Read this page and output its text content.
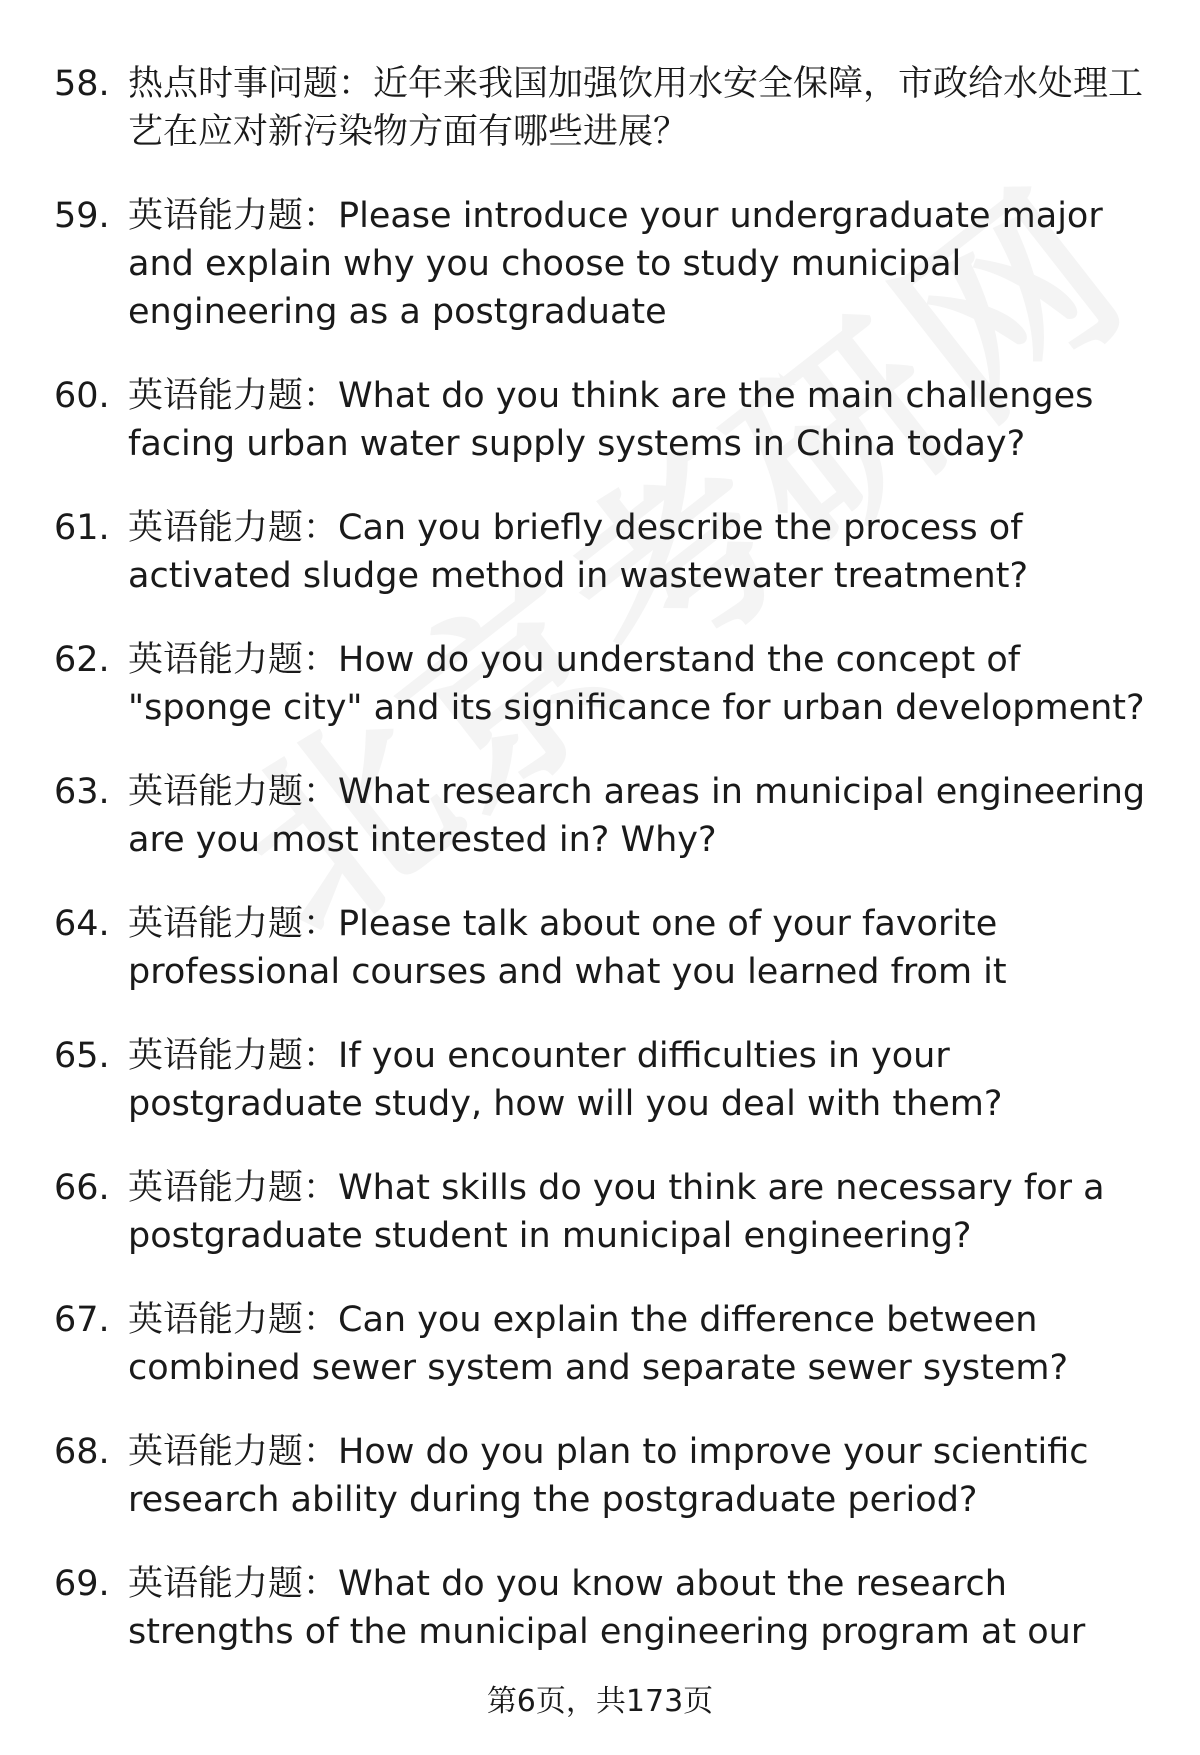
58. 热点时事问题：近年来我国加强饮用水安全保障，市政给水处理工艺在应对新污染物方面有哪些进展？
59. 英语能力题：Please introduce your undergraduate major and explain why you choose to study municipal engineering as a postgraduate
60. 英语能力题：What do you think are the main challenges facing urban water supply systems in China today?
61. 英语能力题：Can you briefly describe the process of activated sludge method in wastewater treatment?
62. 英语能力题：How do you understand the concept of "sponge city" and its significance for urban development?
63. 英语能力题：What research areas in municipal engineering are you most interested in? Why?
64. 英语能力题：Please talk about one of your favorite professional courses and what you learned from it
65. 英语能力题：If you encounter difficulties in your postgraduate study, how will you deal with them?
66. 英语能力题：What skills do you think are necessary for a postgraduate student in municipal engineering?
67. 英语能力题：Can you explain the difference between combined sewer system and separate sewer system?
68. 英语能力题：How do you plan to improve your scientific research ability during the postgraduate period?
69. 英语能力题：What do you know about the research strengths of the municipal engineering program at our
第6页，共173页
